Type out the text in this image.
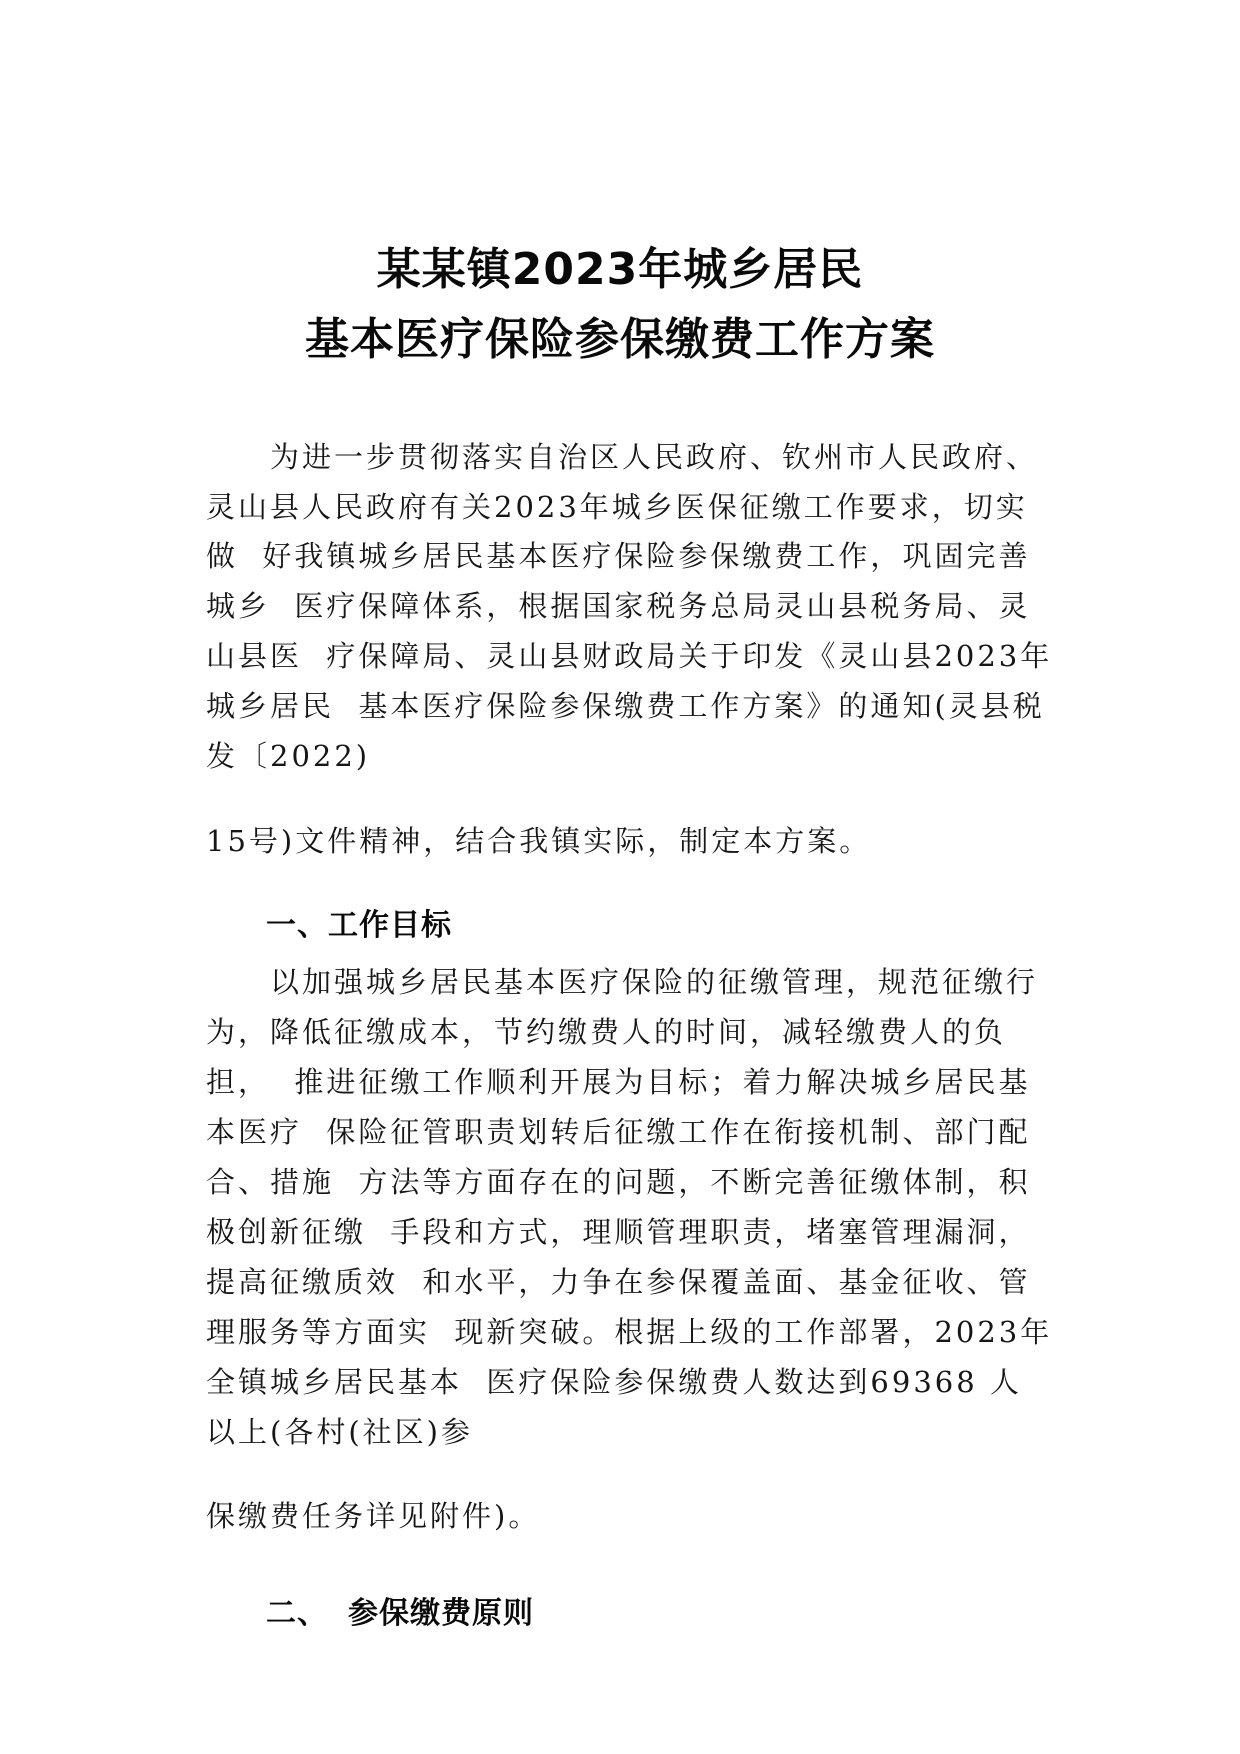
某某镇2023年城乡居民
基本医疗保险参保缴费工作方案
为进一步贯彻落实自治区人民政府、钦州市人民政府、
灵山县人民政府有关2023年城乡医保征缴工作要求，切实
做  好我镇城乡居民基本医疗保险参保缴费工作，巩固完善
城乡  医疗保障体系，根据国家税务总局灵山县税务局、灵
山县医  疗保障局、灵山县财政局关于印发《灵山县2023年
城乡居民  基本医疗保险参保缴费工作方案》的通知(灵县税
发〔2022)
15号)文件精神，结合我镇实际，制定本方案。
一、工作目标
以加强城乡居民基本医疗保险的征缴管理，规范征缴行
为，降低征缴成本，节约缴费人的时间，减轻缴费人的负
担，  推进征缴工作顺利开展为目标；着力解决城乡居民基
本医疗  保险征管职责划转后征缴工作在衔接机制、部门配
合、措施  方法等方面存在的问题，不断完善征缴体制，积
极创新征缴  手段和方式，理顺管理职责，堵塞管理漏洞，
提高征缴质效  和水平，力争在参保覆盖面、基金征收、管
理服务等方面实  现新突破。根据上级的工作部署，2023年
全镇城乡居民基本  医疗保险参保缴费人数达到69368 人
以上(各村(社区)参
保缴费任务详见附件)。
二、 参保缴费原则
